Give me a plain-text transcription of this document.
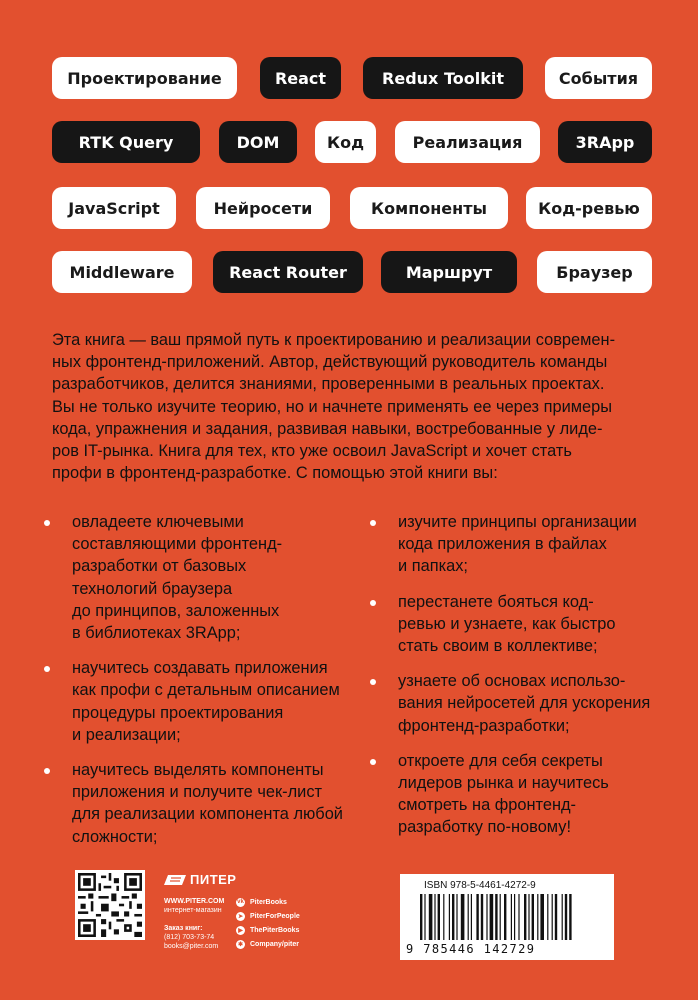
Проектирование	React	Redux Toolkit	События
RTK Query	DOM	Код	Реализация	3RApp
JavaScript	Нейросети	Компоненты	Код-ревью
Middleware	React Router	Маршрут	Браузер
Эта книга — ваш прямой путь к проектированию и реализации современ-
ных фронтенд-приложений. Автор, действующий руководитель команды
разработчиков, делится знаниями, проверенными в реальных проектах.
Вы не только изучите теорию, но и начнете применять ее через примеры
кода, упражнения и задания, развивая навыки, востребованные у лиде-
ров IT-рынка. Книга для тех, кто уже освоил JavaScript и хочет стать
профи в фронтенд-разработке. С помощью этой книги вы:
овладеете ключевыми
составляющими фронтенд-
разработки от базовых
технологий браузера
до принципов, заложенных
в библиотеках 3RApp;
научитесь создавать приложения
как профи с детальным описанием
процедуры проектирования
и реализации;
научитесь выделять компоненты
приложения и получите чек-лист
для реализации компонента любой
сложности;
изучите принципы организации
кода приложения в файлах
и папках;
перестанете бояться код-
ревью и узнаете, как быстро
стать своим в коллективе;
узнаете об основах использо-
вания нейросетей для ускорения
фронтенд-разработки;
откроете для себя секреты
лидеров рынка и научитесь
смотреть на фронтенд-
разработку по-новому!
ПИТЕР
WWW.PITER.COM
интернет-магазин
Заказ книг:
(812) 703-73-74
books@piter.com
vk PiterBooks
➤ PiterForPeople
▶	ThePiterBooks
✱ Company/piter
ISBN 978-5-4461-4272-9
9 785446 142729
